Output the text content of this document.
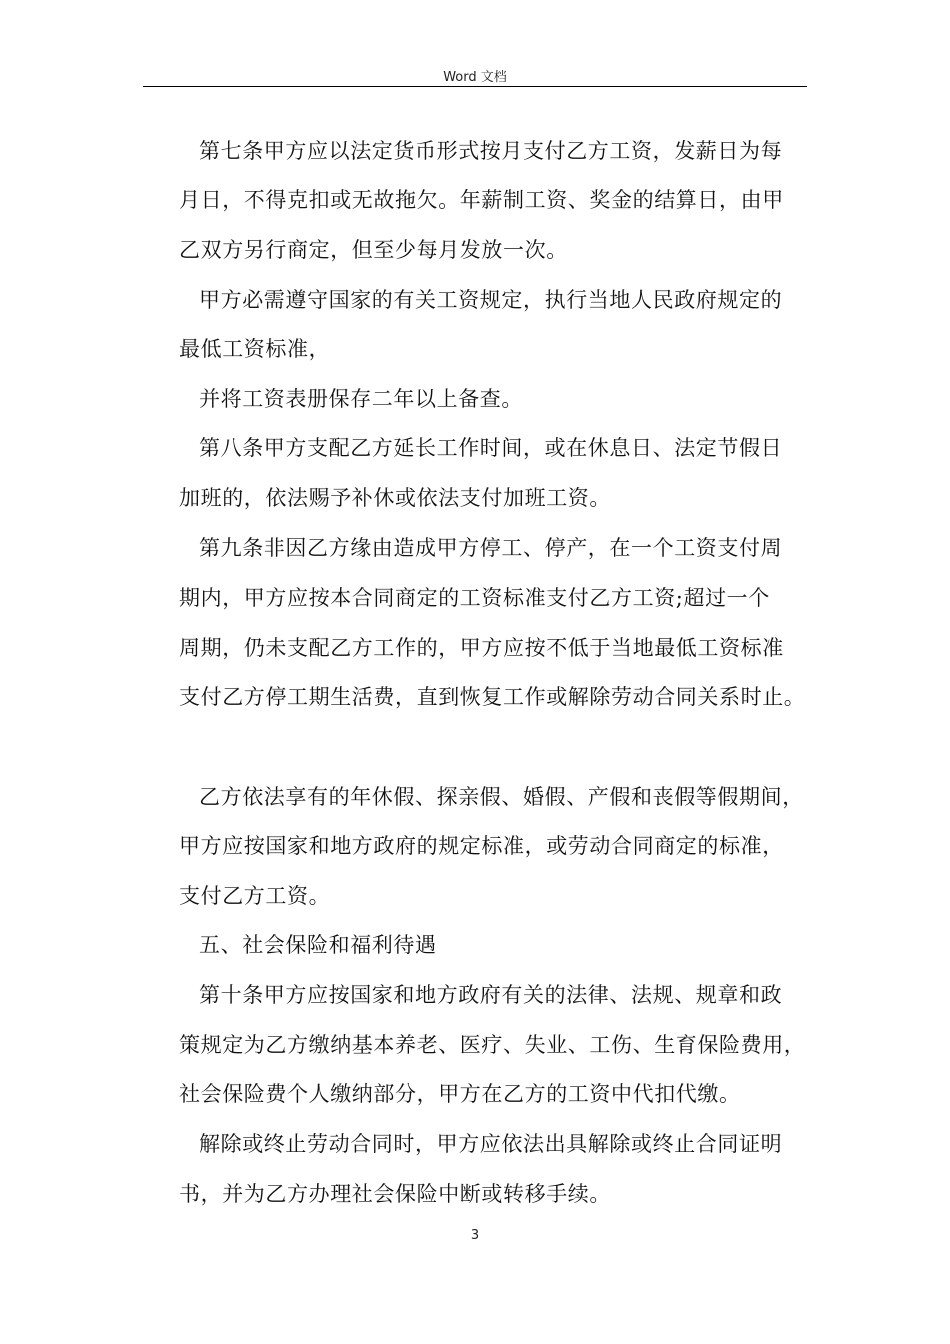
Word 文档
第七条甲方应以法定货币形式按月支付乙方工资，发薪日为每
月日，不得克扣或无故拖欠。年薪制工资、奖金的结算日，由甲
乙双方另行商定，但至少每月发放一次。
甲方必需遵守国家的有关工资规定，执行当地人民政府规定的
最低工资标准，
并将工资表册保存二年以上备查。
第八条甲方支配乙方延长工作时间，或在休息日、法定节假日
加班的，依法赐予补休或依法支付加班工资。
第九条非因乙方缘由造成甲方停工、停产，在一个工资支付周
期内，甲方应按本合同商定的工资标准支付乙方工资;超过一个
周期，仍未支配乙方工作的，甲方应按不低于当地最低工资标准
支付乙方停工期生活费，直到恢复工作或解除劳动合同关系时止。
乙方依法享有的年休假、探亲假、婚假、产假和丧假等假期间，
甲方应按国家和地方政府的规定标准，或劳动合同商定的标准，
支付乙方工资。
五、社会保险和福利待遇
第十条甲方应按国家和地方政府有关的法律、法规、规章和政
策规定为乙方缴纳基本养老、医疗、失业、工伤、生育保险费用，
社会保险费个人缴纳部分，甲方在乙方的工资中代扣代缴。
解除或终止劳动合同时，甲方应依法出具解除或终止合同证明
书，并为乙方办理社会保险中断或转移手续。
3
